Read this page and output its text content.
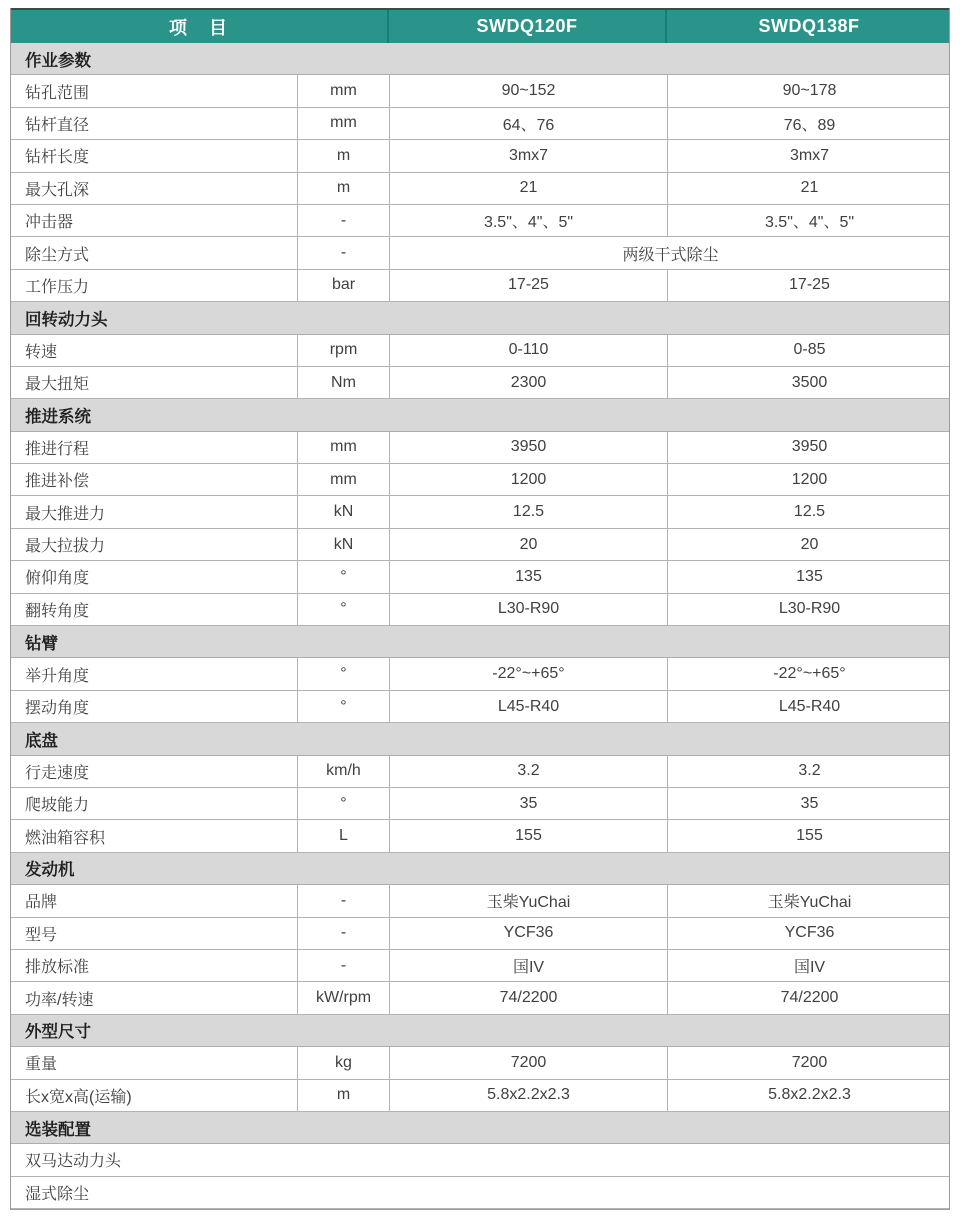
项　目	SWDQ120F	SWDQ138F
作业参数
钻孔范围	mm	90~152	90~178
钻杆直径	mm	64、76	76、89
钻杆长度	m	3mx7	3mx7
最大孔深	m	21	21
冲击器	-	3.5"、4"、5"	3.5"、4"、5"
除尘方式	-	两级干式除尘
工作压力	bar	17-25	17-25
回转动力头
转速	rpm	0-110	0-85
最大扭矩	Nm	2300	3500
推进系统
推进行程	mm	3950	3950
推进补偿	mm	1200	1200
最大推进力	kN	12.5	12.5
最大拉拔力	kN	20	20
俯仰角度	°	135	135
翻转角度	°	L30-R90	L30-R90
钻臂
举升角度	°	-22°~+65°	-22°~+65°
摆动角度	°	L45-R40	L45-R40
底盘
行走速度	km/h	3.2	3.2
爬坡能力	°	35	35
燃油箱容积	L	155	155
发动机
品牌	-	玉柴YuChai	玉柴YuChai
型号	-	YCF36	YCF36
排放标准	-	国IV	国IV
功率/转速	kW/rpm	74/2200	74/2200
外型尺寸
重量	kg	7200	7200
长x宽x高(运输)	m	5.8x2.2x2.3	5.8x2.2x2.3
选装配置
双马达动力头
湿式除尘
